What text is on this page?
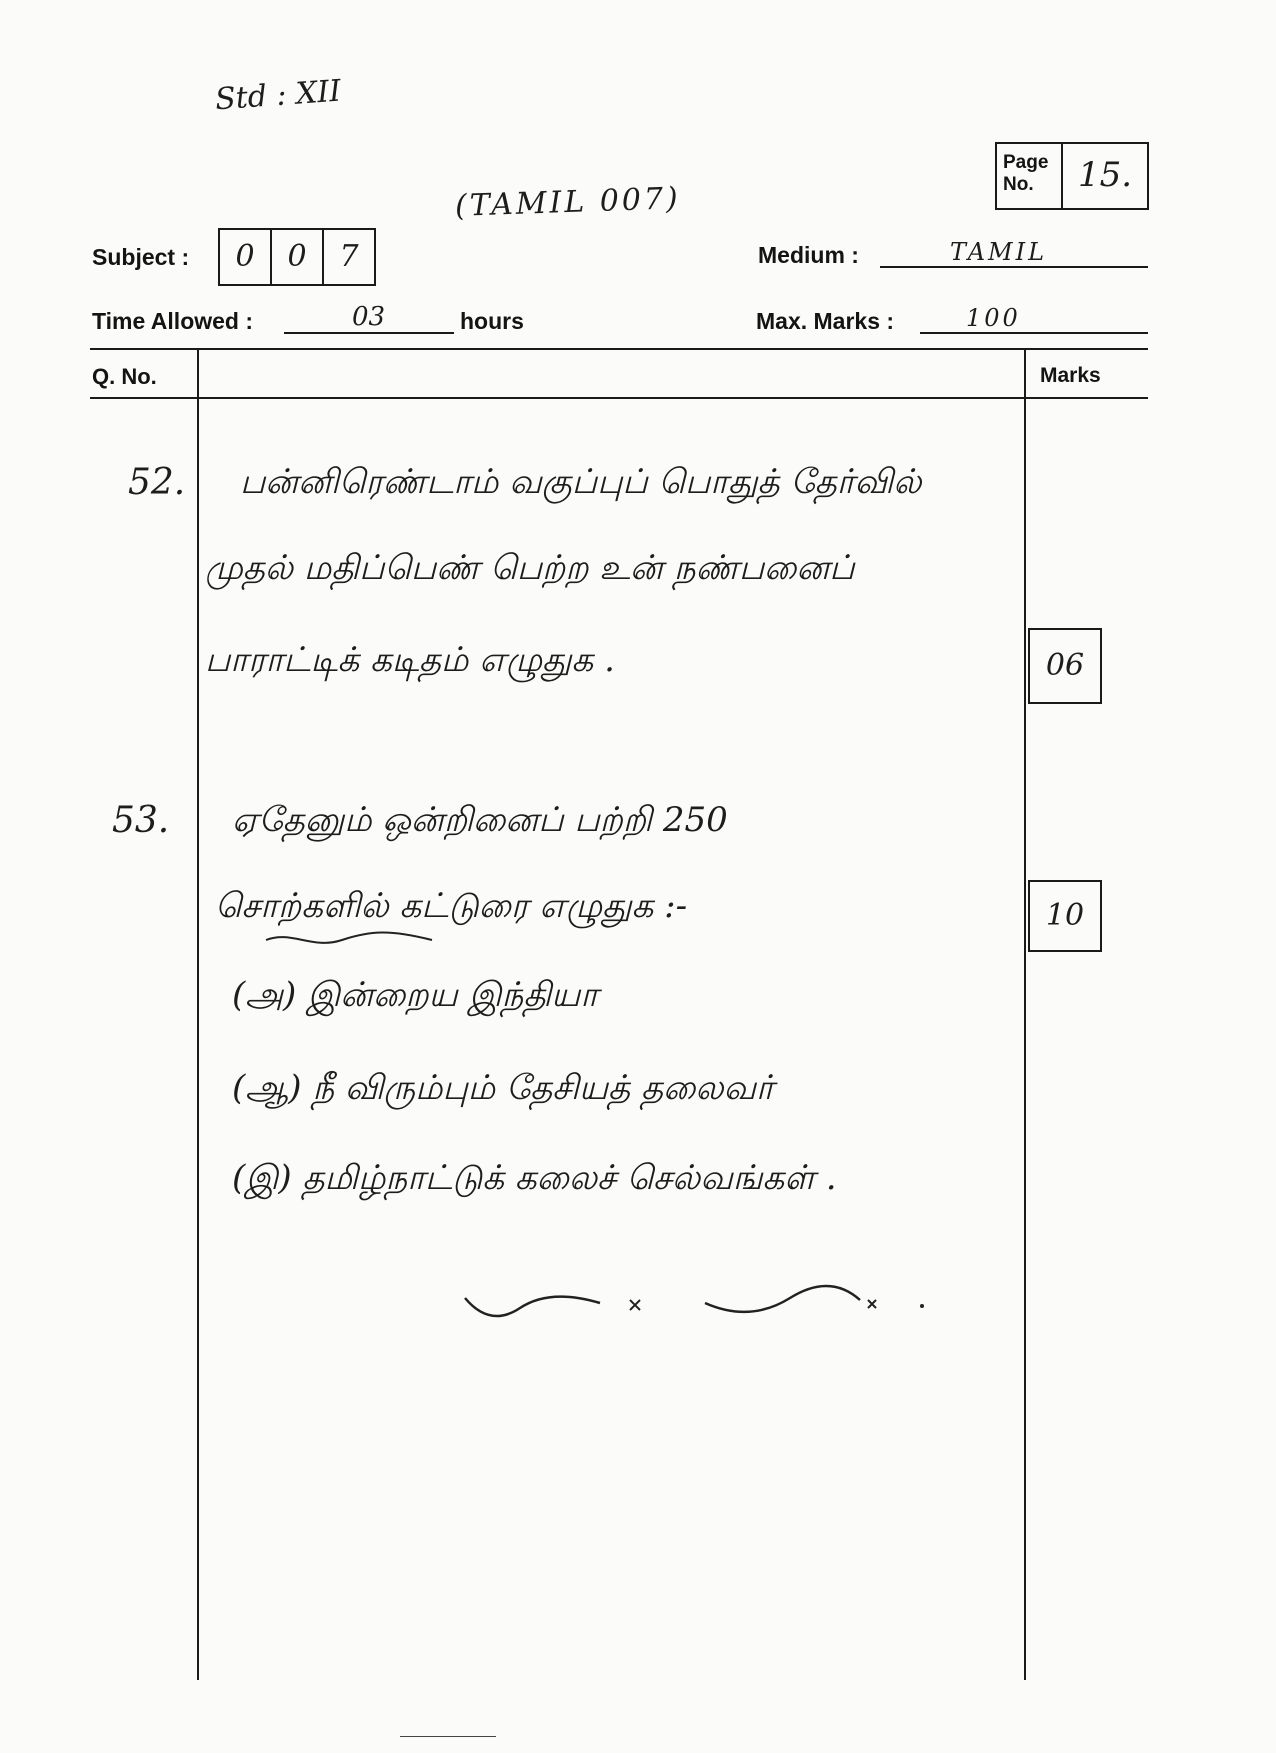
Std : XII
Page No.	15.
(TAMIL 007)
Subject :	0	0	7	Medium :	TAMIL
Time Allowed :	03	hours	Max. Marks :	100
Q. No.	Marks
52. பன்னிரெண்டாம் வகுப்புப் பொதுத் தேர்வில்
முதல் மதிப்பெண் பெற்ற உன் நண்பனைப்
பாராட்டிக் கடிதம் எழுதுக .	06
53. ஏதேனும் ஒன்றினைப் பற்றி 250
சொற்களில் கட்டுரை எழுதுக :-	10
(அ) இன்றைய இந்தியா
(ஆ) நீ விரும்பும் தேசியத் தலைவர்
(இ) தமிழ்நாட்டுக் கலைச் செல்வங்கள் .
